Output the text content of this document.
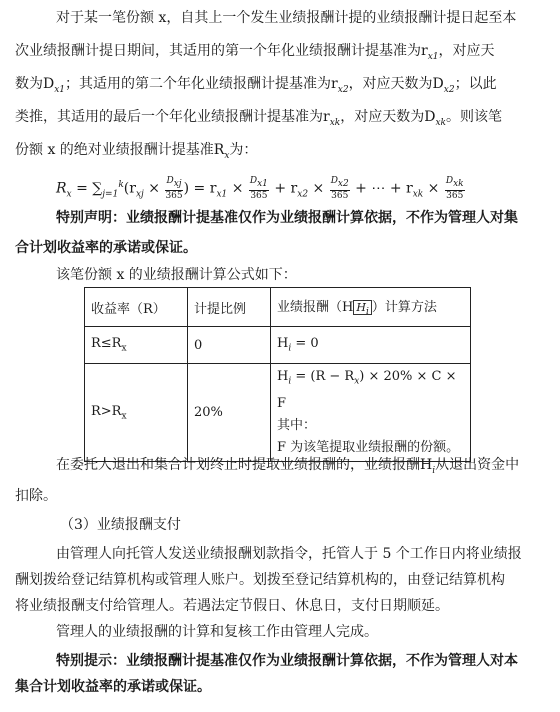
对于某一笔份额 x，自其上一个发生业绩报酬计提的业绩报酬计提日起至本
次业绩报酬计提日期间，其适用的第一个年化业绩报酬计提基准为$r_{x1}$，对应天
数为$D_{x1}$；其适用的第二个年化业绩报酬计提基准为$r_{x2}$，对应天数为$D_{x2}$；以此
类推，其适用的最后一个年化业绩报酬计提基准为$r_{xk}$，对应天数为$D_{xk}$。则该笔
份额 x 的绝对业绩报酬计提基准$R_x$为：
$R_x = \sum_{j=1}^k(r_{xj} \times \frac{D_{xj}}{365}$ ) = $r_{x1} \times \frac{D_{x1}}{365} + r_{x2} \times \frac{D_{x2}}{365}$ + ⋯ + $r_{xk} \times \frac{D_{xk}}{365}$
特别声明：业绩报酬计提基准仅作为业绩报酬计算依据，不作为管理人对集
合计划收益率的承诺或保证。
该笔份额 x 的业绩报酬计算公式如下：
收益率（R）	计提比例	业绩报酬（H $H_i$ ）计算方法
$R\le R_x$	0	$H_i = 0$
$R>R_x$	20%	$H_i = (R - R_x) \times 20\% \times C \times F$
其中：
F 为该笔提取业绩报酬的份额。
在委托人退出和集合计划终止时提取业绩报酬的，业绩报酬$H_i$从退出资金中
扣除。
（3）业绩报酬支付
由管理人向托管人发送业绩报酬划款指令，托管人于 5 个工作日内将业绩报
酬划拨给登记结算机构或管理人账户。划拨至登记结算机构的，由登记结算机构
将业绩报酬支付给管理人。若遇法定节假日、休息日，支付日期顺延。
管理人的业绩报酬的计算和复核工作由管理人完成。
特别提示：业绩报酬计提基准仅作为业绩报酬计算依据，不作为管理人对本
集合计划收益率的承诺或保证。
